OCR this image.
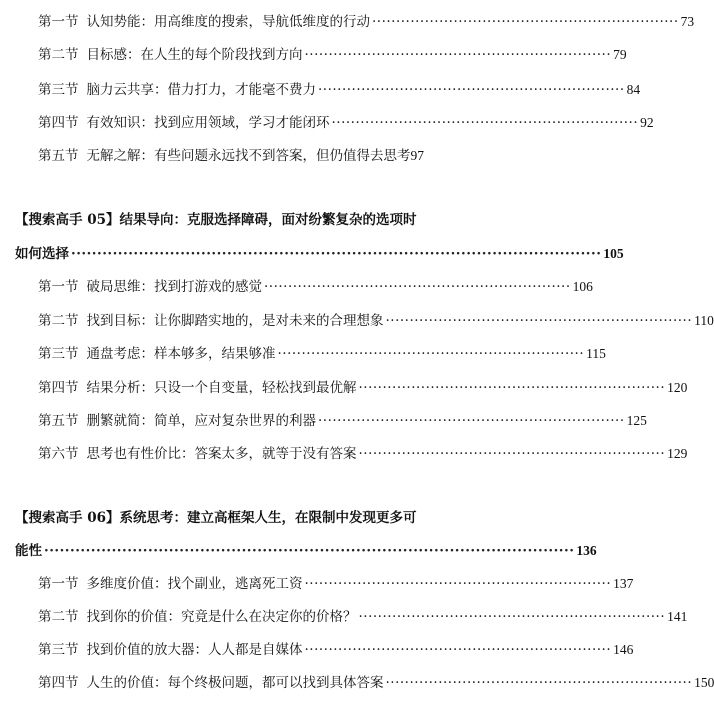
第一节 认知势能：用高维度的搜索，导航低维度的行动 ································································ 73
第二节 目标感：在人生的每个阶段找到方向 ································································ 79
第三节 脑力云共享：借力打力，才能毫不费力 ································································ 84
第四节 有效知识：找到应用领域，学习才能闭环 ································································ 92
第五节 无解之解：有些问题永远找不到答案，但仍值得去思考 97
【搜索高手 05】结果导向：克服选择障碍，面对纷繁复杂的选项时
如何选择 ······································································································ 105
第一节 破局思维：找到打游戏的感觉 ································································ 106
第二节 找到目标：让你脚踏实地的，是对未来的合理想象 ································································ 110
第三节 通盘考虑：样本够多，结果够准 ································································ 115
第四节 结果分析：只设一个自变量，轻松找到最优解 ································································ 120
第五节 删繁就简：简单，应对复杂世界的利器 ································································ 125
第六节 思考也有性价比：答案太多，就等于没有答案 ································································ 129
【搜索高手 06】系统思考：建立高框架人生，在限制中发现更多可
能性 ······································································································ 136
第一节 多维度价值：找个副业，逃离死工资 ································································ 137
第二节 找到你的价值：究竟是什么在决定你的价格？ ································································ 141
第三节 找到价值的放大器：人人都是自媒体 ································································ 146
第四节 人生的价值：每个终极问题，都可以找到具体答案 ································································ 150
